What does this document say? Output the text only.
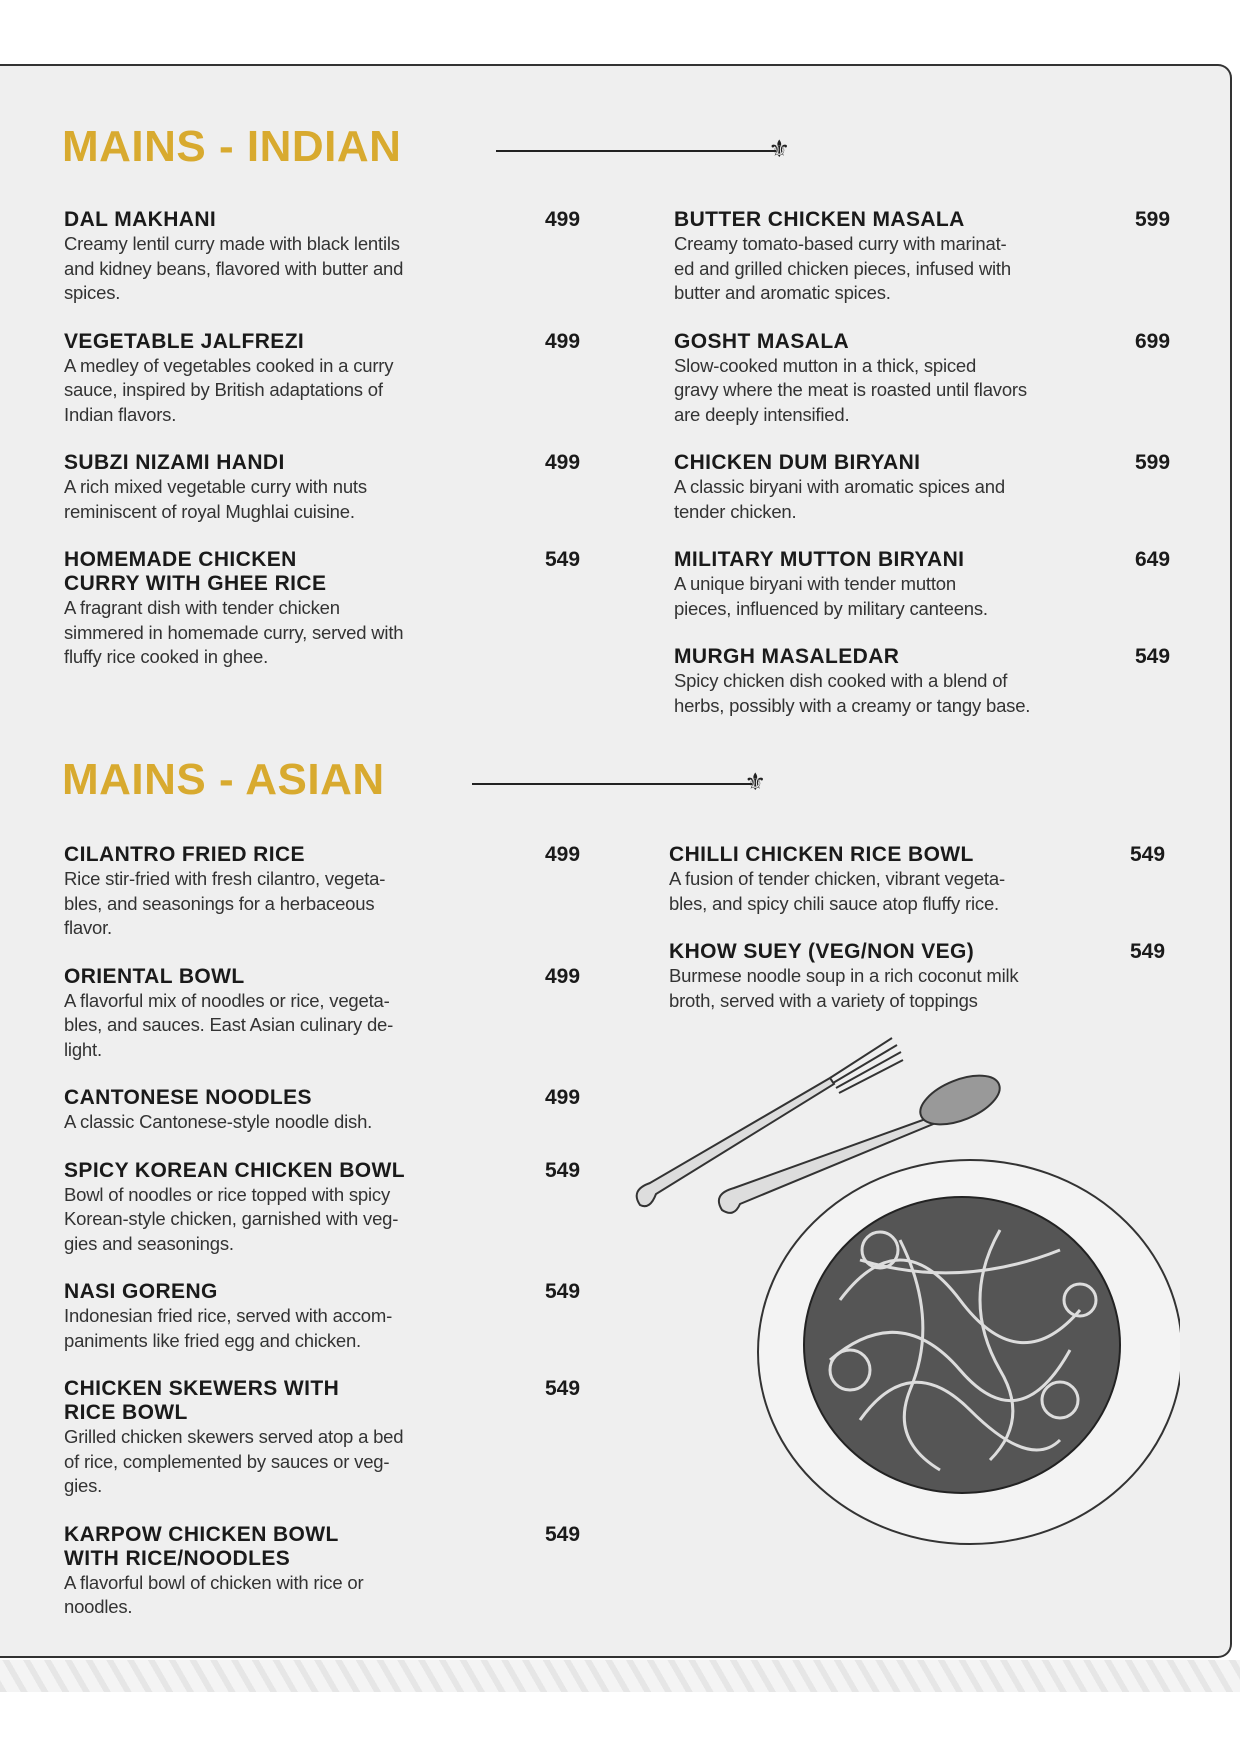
MAINS - INDIAN	⚜
DAL MAKHANI	499
Creamy lentil curry made with black lentils
and kidney beans, flavored with butter and
spices.
VEGETABLE JALFREZI	499
A medley of vegetables cooked in a curry
sauce, inspired by British adaptations of
Indian flavors.
SUBZI NIZAMI HANDI	499
A rich mixed vegetable curry with nuts
reminiscent of royal Mughlai cuisine.
HOMEMADE CHICKEN
CURRY WITH GHEE RICE
549
A fragrant dish with tender chicken
simmered in homemade curry, served with
fluffy rice cooked in ghee.
BUTTER CHICKEN MASALA	599
Creamy tomato-based curry with marinat-
ed and grilled chicken pieces, infused with
butter and aromatic spices.
GOSHT MASALA	699
Slow-cooked mutton in a thick, spiced
gravy where the meat is roasted until flavors
are deeply intensified.
CHICKEN DUM BIRYANI	599
A classic biryani with aromatic spices and
tender chicken.
MILITARY MUTTON BIRYANI	649
A unique biryani with tender mutton
pieces, influenced by military canteens.
MURGH MASALEDAR	549
Spicy chicken dish cooked with a blend of
herbs, possibly with a creamy or tangy base.
MAINS - ASIAN	⚜
CILANTRO FRIED RICE	499
Rice stir-fried with fresh cilantro, vegeta-
bles, and seasonings for a herbaceous
flavor.
ORIENTAL BOWL	499
A flavorful mix of noodles or rice, vegeta-
bles, and sauces. East Asian culinary de-
light.
CANTONESE NOODLES	499
A classic Cantonese-style noodle dish.
SPICY KOREAN CHICKEN BOWL	549
Bowl of noodles or rice topped with spicy
Korean-style chicken, garnished with veg-
gies and seasonings.
NASI GORENG	549
Indonesian fried rice, served with accom-
paniments like fried egg and chicken.
CHICKEN SKEWERS WITH
RICE BOWL
549
Grilled chicken skewers served atop a bed
of rice, complemented by sauces or veg-
gies.
KARPOW CHICKEN BOWL
WITH RICE/NOODLES
549
A flavorful bowl of chicken with rice or
noodles.
CHILLI CHICKEN RICE BOWL	549
A fusion of tender chicken, vibrant vegeta-
bles, and spicy chili sauce atop fluffy rice.
KHOW SUEY (VEG/NON VEG)	549
Burmese noodle soup in a rich coconut milk
broth, served with a variety of toppings
